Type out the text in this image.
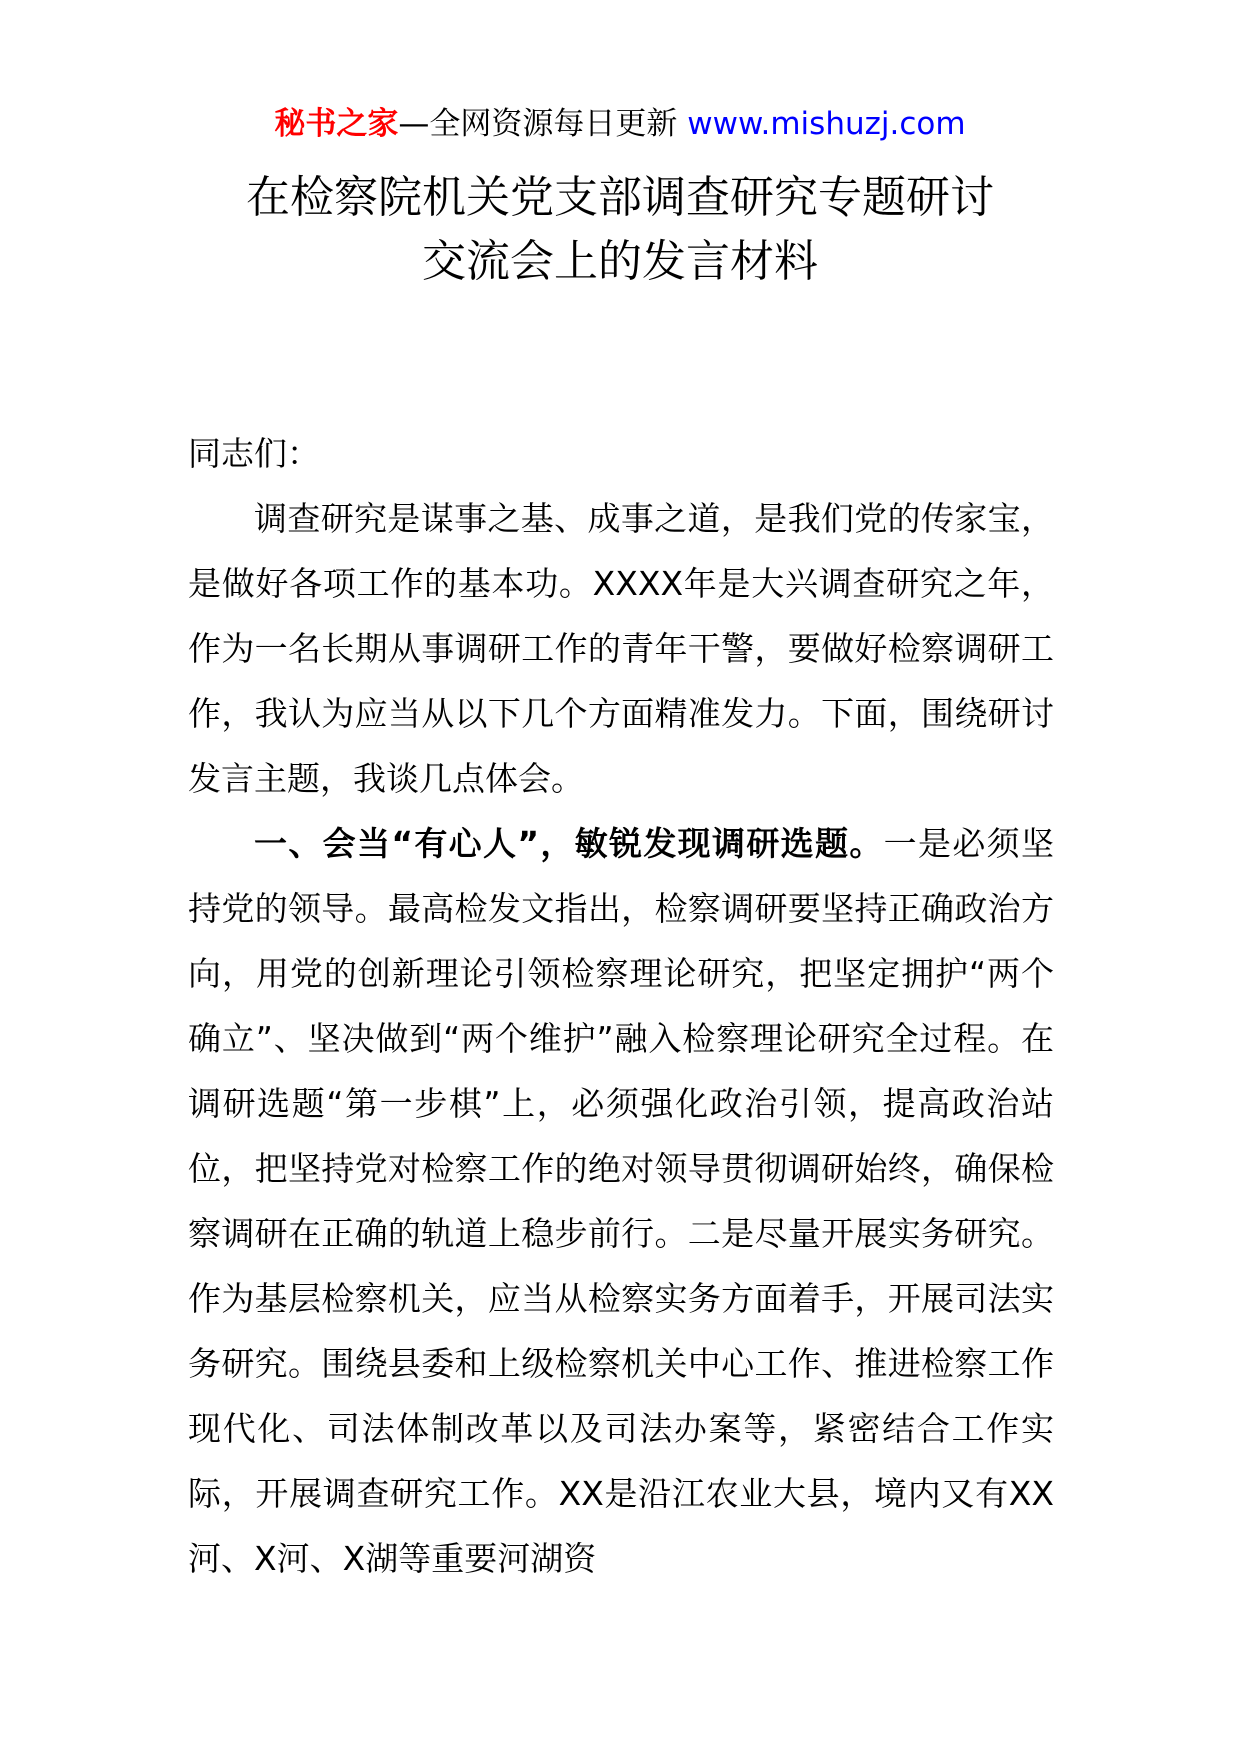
秘书之家—全网资源每日更新 www.mishuzj.com
在检察院机关党支部调查研究专题研讨
交流会上的发言材料

同志们：

调查研究是谋事之基、成事之道，是我们党的传家宝，是做好各项工作的基本功。XXXX年是大兴调查研究之年，作为一名长期从事调研工作的青年干警，要做好检察调研工作，我认为应当从以下几个方面精准发力。下面，围绕研讨发言主题，我谈几点体会。

一、会当“有心人”，敏锐发现调研选题。一是必须坚持党的领导。最高检发文指出，检察调研要坚持正确政治方向，用党的创新理论引领检察理论研究，把坚定拥护“两个确立”、坚决做到“两个维护”融入检察理论研究全过程。在调研选题“第一步棋”上，必须强化政治引领，提高政治站位，把坚持党对检察工作的绝对领导贯彻调研始终，确保检察调研在正确的轨道上稳步前行。二是尽量开展实务研究。作为基层检察机关，应当从检察实务方面着手，开展司法实务研究。围绕县委和上级检察机关中心工作、推进检察工作现代化、司法体制改革以及司法办案等，紧密结合工作实际，开展调查研究工作。XX是沿江农业大县，境内又有XX河、X河、X湖等重要河湖资
